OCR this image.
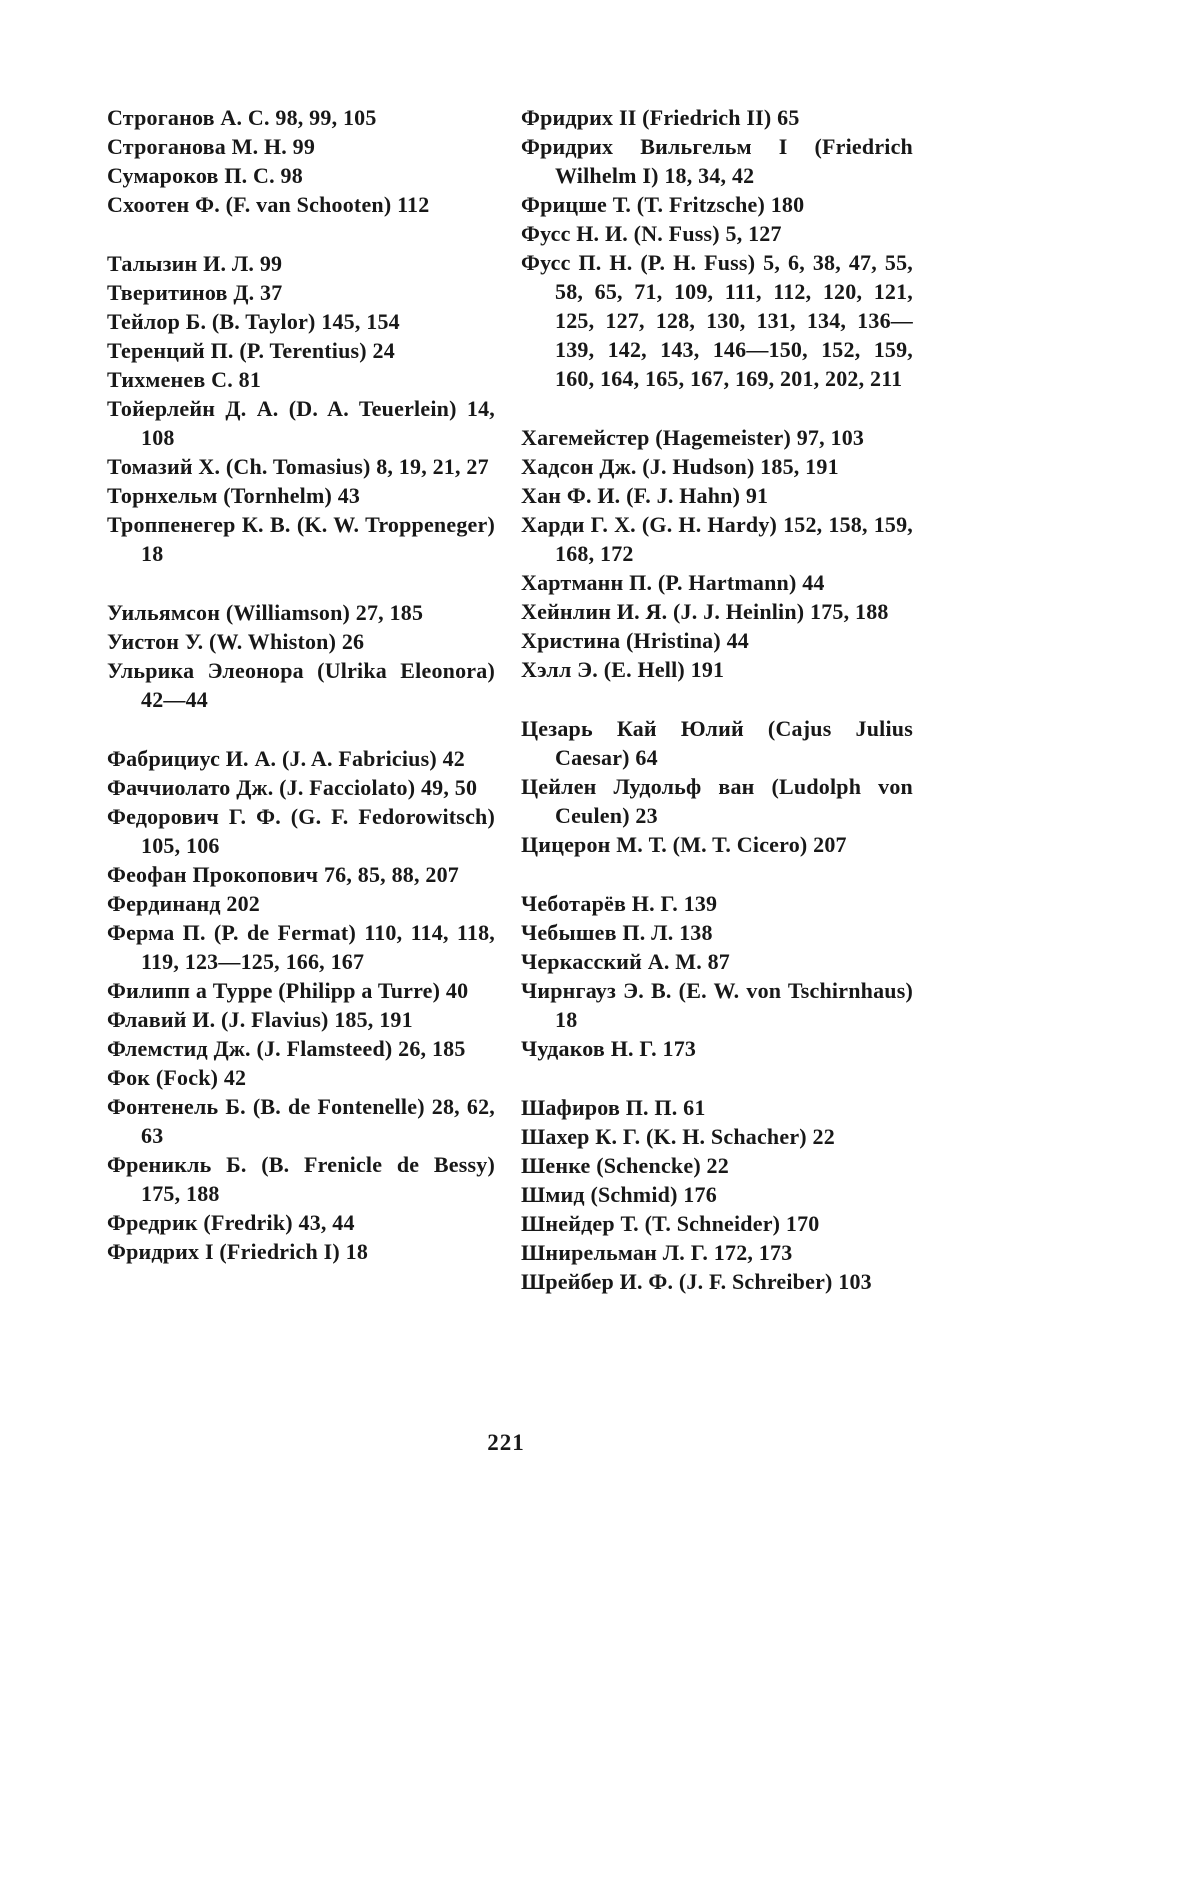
Строганов А. С. 98, 99, 105

Строганова М. Н. 99

Сумароков П. С. 98

Схоотен Ф. (F. van Schooten) 112

Талызин И. Л. 99

Тверитинов Д. 37

Тейлор Б. (B. Taylor) 145, 154

Теренций П. (P. Terentius) 24

Тихменев С. 81

Тойерлейн Д. А. (D. A. Teuerlein) 14, 108

Томазий Х. (Ch. Tomasius) 8, 19, 21, 27

Торнхельм (Tornhelm) 43

Троппенегер К. В. (K. W. Troppeneger) 18

Уильямсон (Williamson) 27, 185

Уистон У. (W. Whiston) 26

Ульрика Элеонора (Ulrika Eleonora) 42—44

Фабрициус И. А. (J. A. Fabricius) 42

Фаччиолато Дж. (J. Facciolato) 49, 50

Федорович Г. Ф. (G. F. Fedorowitsch) 105, 106

Феофан Прокопович 76, 85, 88, 207

Фердинанд 202

Ферма П. (P. de Fermat) 110, 114, 118, 119, 123—125, 166, 167

Филипп а Турре (Philipp a Turre) 40

Флавий И. (J. Flavius) 185, 191

Флемстид Дж. (J. Flamsteed) 26, 185

Фок (Fock) 42

Фонтенель Б. (B. de Fontenelle) 28, 62, 63

Френикль Б. (B. Frenicle de Bessy) 175, 188

Фредрик (Fredrik) 43, 44

Фридрих I (Friedrich I) 18

Фридрих II (Friedrich II) 65

Фридрих Вильгельм I (Friedrich Wilhelm I) 18, 34, 42

Фрицше Т. (T. Fritzsche) 180

Фусс Н. И. (N. Fuss) 5, 127

Фусс П. Н. (P. H. Fuss) 5, 6, 38, 47, 55, 58, 65, 71, 109, 111, 112, 120, 121, 125, 127, 128, 130, 131, 134, 136—139, 142, 143, 146—150, 152, 159, 160, 164, 165, 167, 169, 201, 202, 211

Хагемейстер (Hagemeister) 97, 103

Хадсон Дж. (J. Hudson) 185, 191

Хан Ф. И. (F. J. Hahn) 91

Харди Г. Х. (G. H. Hardy) 152, 158, 159, 168, 172

Хартманн П. (P. Hartmann) 44

Хейнлин И. Я. (J. J. Heinlin) 175, 188

Христина (Hristina) 44

Хэлл Э. (E. Hell) 191

Цезарь Кай Юлий (Cajus Julius Caesar) 64

Цейлен Лудольф ван (Ludolph von Ceulen) 23

Цицерон М. Т. (M. T. Cicero) 207

Чеботарёв Н. Г. 139

Чебышев П. Л. 138

Черкасский А. М. 87

Чирнгауз Э. В. (E. W. von Tschirnhaus) 18

Чудаков Н. Г. 173

Шафиров П. П. 61

Шахер К. Г. (K. H. Schacher) 22

Шенке (Schencke) 22

Шмид (Schmid) 176

Шнейдер Т. (T. Schneider) 170

Шнирельман Л. Г. 172, 173

Шрейбер И. Ф. (J. F. Schreiber) 103

221
